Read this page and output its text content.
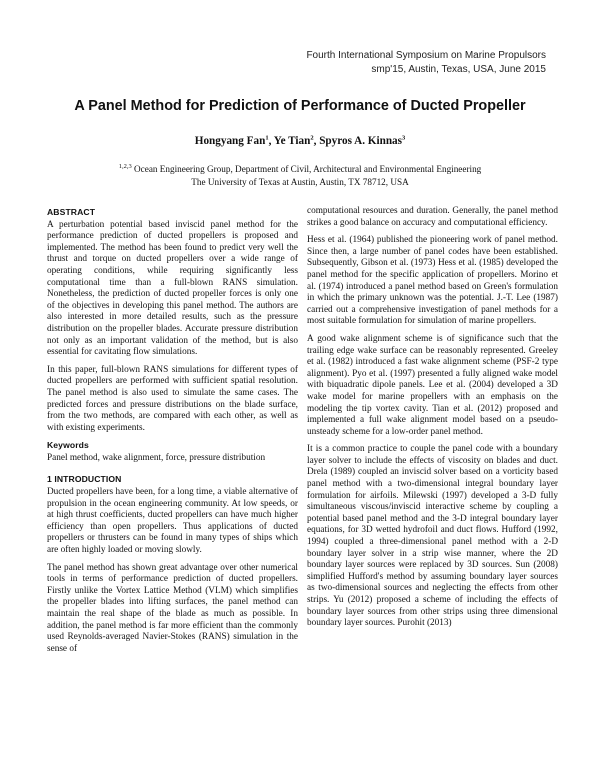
Fourth International Symposium on Marine Propulsors
smp'15, Austin, Texas, USA, June 2015
A Panel Method for Prediction of Performance of Ducted Propeller
Hongyang Fan$^1$, Ye Tian$^2$, Spyros A. Kinnas$^3$
$^{1,2,3}$ Ocean Engineering Group, Department of Civil, Architectural and Environmental Engineering
The University of Texas at Austin, Austin, TX 78712, USA
ABSTRACT

A perturbation potential based inviscid panel method for the performance prediction of ducted propellers is proposed and implemented. The method has been found to predict very well the thrust and torque on ducted propellers over a wide range of operating conditions, while requiring significantly less computational time than a full-blown RANS simulation. Nonetheless, the prediction of ducted propeller forces is only one of the objectives in developing this panel method. The authors are also interested in more detailed results, such as the pressure distribution on the propeller blades. Accurate pressure distribution not only as an important validation of the method, but is also essential for cavitating flow simulations.

In this paper, full-blown RANS simulations for different types of ducted propellers are performed with sufficient spatial resolution. The panel method is also used to simulate the same cases. The predicted forces and pressure distributions on the blade surface, from the two methods, are compared with each other, as well as with existing experiments.

Keywords

Panel method, wake alignment, force, pressure distribution

1 INTRODUCTION

Ducted propellers have been, for a long time, a viable alternative of propulsion in the ocean engineering community. At low speeds, or at high thrust coefficients, ducted propellers can have much higher efficiency than open propellers. Thus applications of ducted propellers or thrusters can be found in many types of ships which are often highly loaded or moving slowly.

The panel method has shown great advantage over other numerical tools in terms of performance prediction of ducted propellers. Firstly unlike the Vortex Lattice Method (VLM) which simplifies the propeller blades into lifting surfaces, the panel method can maintain the real shape of the blade as much as possible. In addition, the panel method is far more efficient than the commonly used Reynolds-averaged Navier-Stokes (RANS) simulation in the sense of

computational resources and duration. Generally, the panel method strikes a good balance on accuracy and computational efficiency.

Hess et al. (1964) published the pioneering work of panel method. Since then, a large number of panel codes have been established. Subsequently, Gibson et al. (1973) Hess et al. (1985) developed the panel method for the specific application of propellers. Morino et al. (1974) introduced a panel method based on Green's formulation in which the primary unknown was the potential. J.-T. Lee (1987) carried out a comprehensive investigation of panel methods for a most suitable formulation for simulation of marine propellers.

A good wake alignment scheme is of significance such that the trailing edge wake surface can be reasonably represented. Greeley et al. (1982) introduced a fast wake alignment scheme (PSF-2 type alignment). Pyo et al. (1997) presented a fully aligned wake model with biquadratic dipole panels. Lee et al. (2004) developed a 3D wake model for marine propellers with an emphasis on the modeling the tip vortex cavity. Tian et al. (2012) proposed and implemented a full wake alignment model based on a pseudo-unsteady scheme for a low-order panel method.

It is a common practice to couple the panel code with a boundary layer solver to include the effects of viscosity on blades and duct. Drela (1989) coupled an inviscid solver based on a vorticity based panel method with a two-dimensional integral boundary layer formulation for airfoils. Milewski (1997) developed a 3-D fully simultaneous viscous/inviscid interactive scheme by coupling a potential based panel method and the 3-D integral boundary layer equations, for 3D wetted hydrofoil and duct flows. Hufford (1992, 1994) coupled a three-dimensional panel method with a 2-D boundary layer solver in a strip wise manner, where the 2D boundary layer sources were replaced by 3D sources. Sun (2008) simplified Hufford's method by assuming boundary layer sources as two-dimensional sources and neglecting the effects from other strips. Yu (2012) proposed a scheme of including the effects of boundary layer sources from other strips using three dimensional boundary layer sources. Purohit (2013)
